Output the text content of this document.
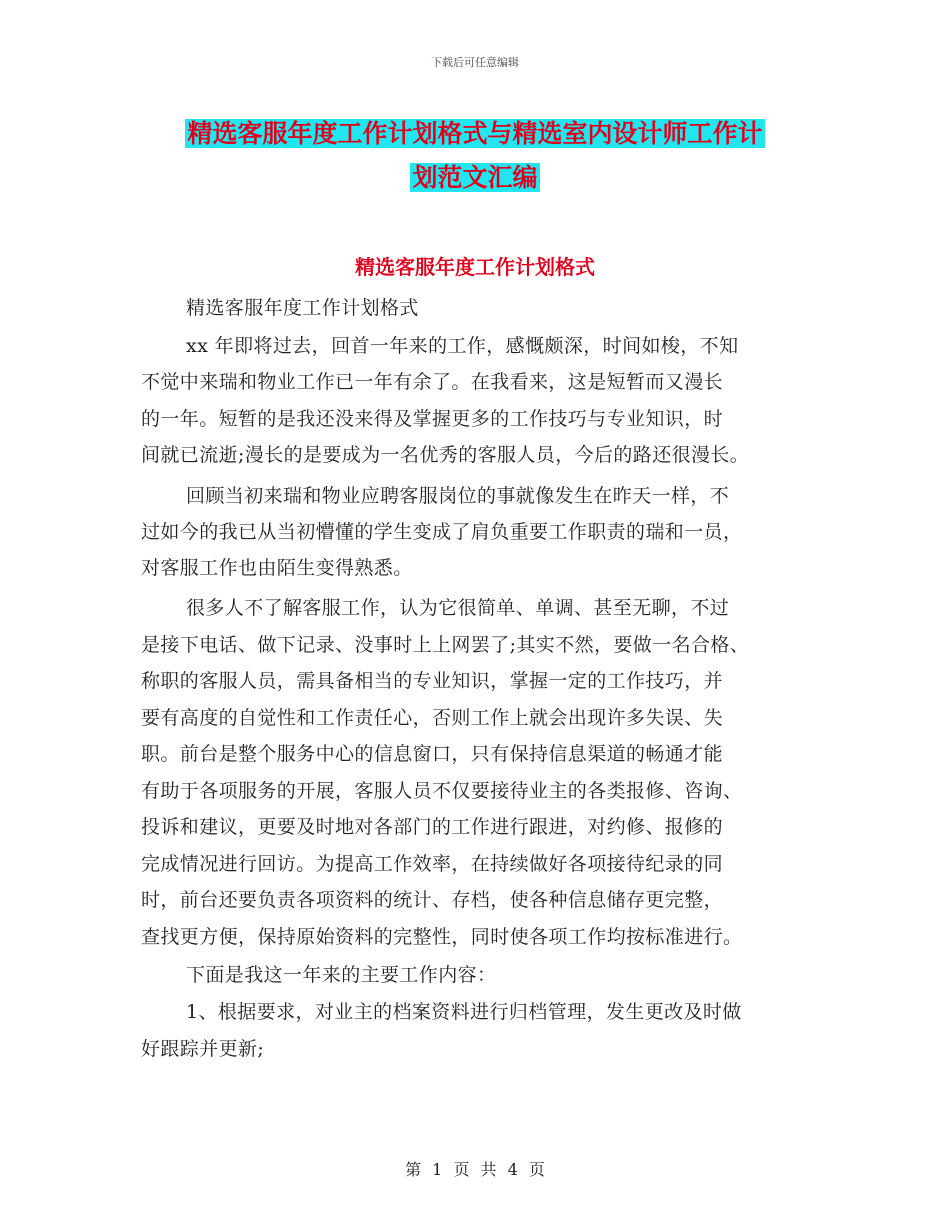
下载后可任意编辑
精选客服年度工作计划格式与精选室内设计师工作计
划范文汇编
精选客服年度工作计划格式
精选客服年度工作计划格式
xx 年即将过去，回首一年来的工作，感慨颇深，时间如梭，不知
不觉中来瑞和物业工作已一年有余了。在我看来，这是短暂而又漫长
的一年。短暂的是我还没来得及掌握更多的工作技巧与专业知识，时
间就已流逝;漫长的是要成为一名优秀的客服人员，今后的路还很漫长。
回顾当初来瑞和物业应聘客服岗位的事就像发生在昨天一样，不
过如今的我已从当初懵懂的学生变成了肩负重要工作职责的瑞和一员，
对客服工作也由陌生变得熟悉。
很多人不了解客服工作，认为它很简单、单调、甚至无聊，不过
是接下电话、做下记录、没事时上上网罢了;其实不然，要做一名合格、
称职的客服人员，需具备相当的专业知识，掌握一定的工作技巧，并
要有高度的自觉性和工作责任心，否则工作上就会出现许多失误、失
职。前台是整个服务中心的信息窗口，只有保持信息渠道的畅通才能
有助于各项服务的开展，客服人员不仅要接待业主的各类报修、咨询、
投诉和建议，更要及时地对各部门的工作进行跟进，对约修、报修的
完成情况进行回访。为提高工作效率，在持续做好各项接待纪录的同
时，前台还要负责各项资料的统计、存档，使各种信息储存更完整，
查找更方便，保持原始资料的完整性，同时使各项工作均按标准进行。
下面是我这一年来的主要工作内容：
1、根据要求，对业主的档案资料进行归档管理，发生更改及时做
好跟踪并更新;
第 1 页 共 4 页
